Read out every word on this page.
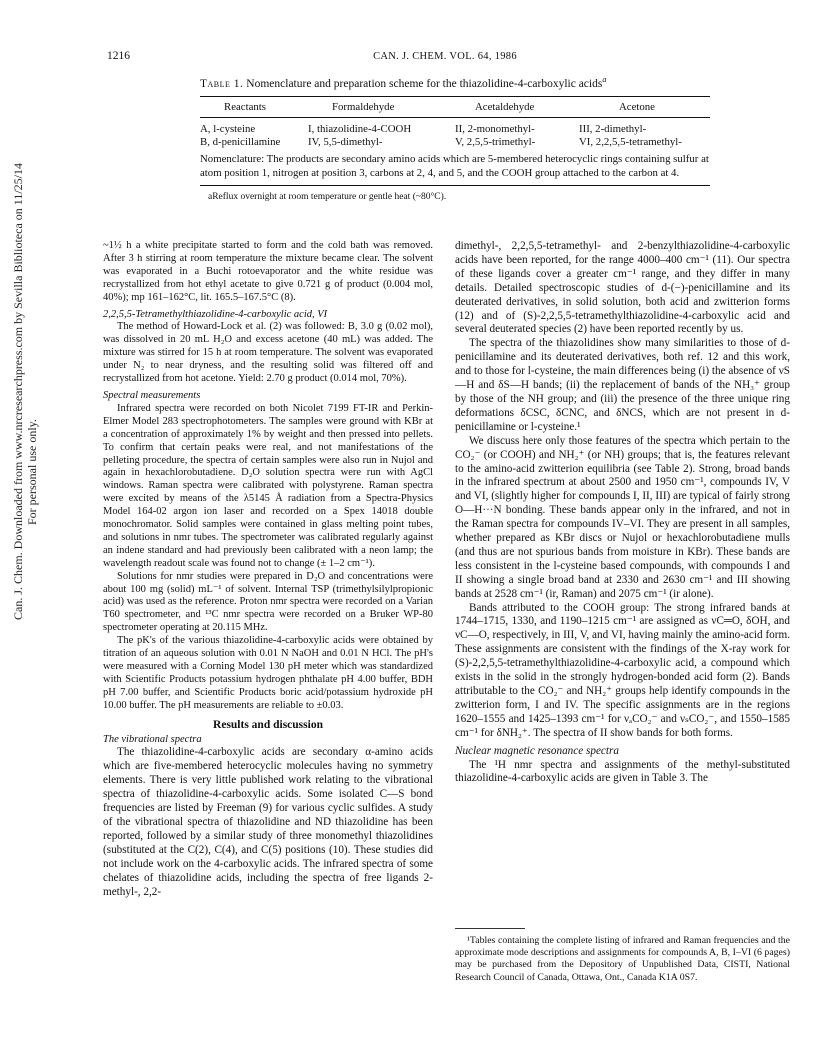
Can. J. Chem. Downloaded from www.nrcresearchpress.com by Sevilla Biblioteca on 11/25/14 For personal use only.
1216	CAN. J. CHEM. VOL. 64, 1986
Table 1. Nomenclature and preparation scheme for the thiazolidine-4-carboxylic acids$^a$
Reactants	Formaldehyde	Acetaldehyde	Acetone
A, l-cysteine	I, thiazolidine-4-COOH	II, 2-monomethyl-	III, 2-dimethyl-
B, d-penicillamine	IV, 5,5-dimethyl-	V, 2,5,5-trimethyl-	VI, 2,2,5,5-tetramethyl-
Nomenclature: The products are secondary amino acids which are 5-membered heterocyclic rings containing sulfur at atom position 1, nitrogen at position 3, carbons at 2, 4, and 5, and the COOH group attached to the carbon at 4.
aReflux overnight at room temperature or gentle heat (~80°C).

~1½ h a white precipitate started to form and the cold bath was removed. After 3 h stirring at room temperature the mixture became clear. The solvent was evaporated in a Buchi rotoevaporator and the white residue was recrystallized from hot ethyl acetate to give 0.721 g of product (0.004 mol, 40%); mp 161–162°C, lit. 165.5–167.5°C (8).

2,2,5,5-Tetramethylthiazolidine-4-carboxylic acid, VI

The method of Howard-Lock et al. (2) was followed: B, 3.0 g (0.02 mol), was dissolved in 20 mL H₂O and excess acetone (40 mL) was added. The mixture was stirred for 15 h at room temperature. The solvent was evaporated under N₂ to near dryness, and the resulting solid was filtered off and recrystallized from hot acetone. Yield: 2.70 g product (0.014 mol, 70%).

Spectral measurements

Infrared spectra were recorded on both Nicolet 7199 FT-IR and Perkin-Elmer Model 283 spectrophotometers. The samples were ground with KBr at a concentration of approximately 1% by weight and then pressed into pellets. To confirm that certain peaks were real, and not manifestations of the pelleting procedure, the spectra of certain samples were also run in Nujol and again in hexachlorobutadiene. D₂O solution spectra were run with AgCl windows. Raman spectra were calibrated with polystyrene. Raman spectra were excited by means of the λ5145 Å radiation from a Spectra-Physics Model 164-02 argon ion laser and recorded on a Spex 14018 double monochromator. Solid samples were contained in glass melting point tubes, and solutions in nmr tubes. The spectrometer was calibrated regularly against an indene standard and had previously been calibrated with a neon lamp; the wavelength readout scale was found not to change (± 1–2 cm⁻¹).

Solutions for nmr studies were prepared in D₂O and concentrations were about 100 mg (solid) mL⁻¹ of solvent. Internal TSP (trimethylsilylpropionic acid) was used as the reference. Proton nmr spectra were recorded on a Varian T60 spectrometer, and ¹³C nmr spectra were recorded on a Bruker WP-80 spectrometer operating at 20.115 MHz.

The pK's of the various thiazolidine-4-carboxylic acids were obtained by titration of an aqueous solution with 0.01 N NaOH and 0.01 N HCl. The pH's were measured with a Corning Model 130 pH meter which was standardized with Scientific Products potassium hydrogen phthalate pH 4.00 buffer, BDH pH 7.00 buffer, and Scientific Products boric acid/potassium hydroxide pH 10.00 buffer. The pH measurements are reliable to ±0.03.

Results and discussion

The vibrational spectra

The thiazolidine-4-carboxylic acids are secondary α-amino acids which are five-membered heterocyclic molecules having no symmetry elements. There is very little published work relating to the vibrational spectra of thiazolidine-4-carboxylic acids. Some isolated C—S bond frequencies are listed by Freeman (9) for various cyclic sulfides. A study of the vibrational spectra of thiazolidine and ND thiazolidine has been reported, followed by a similar study of three monomethyl thiazolidines (substituted at the C(2), C(4), and C(5) positions (10). These studies did not include work on the 4-carboxylic acids. The infrared spectra of some chelates of thiazolidine acids, including the spectra of free ligands 2-methyl-, 2,2-

dimethyl-, 2,2,5,5-tetramethyl- and 2-benzylthiazolidine-4-carboxylic acids have been reported, for the range 4000–400 cm⁻¹ (11). Our spectra of these ligands cover a greater cm⁻¹ range, and they differ in many details. Detailed spectroscopic studies of d-(−)-penicillamine and its deuterated derivatives, in solid solution, both acid and zwitterion forms (12) and of (S)-2,2,5,5-tetramethylthiazolidine-4-carboxylic acid and several deuterated species (2) have been reported recently by us.

The spectra of the thiazolidines show many similarities to those of d-penicillamine and its deuterated derivatives, both ref. 12 and this work, and to those for l-cysteine, the main differences being (i) the absence of νS—H and δS—H bands; (ii) the replacement of bands of the NH₃⁺ group by those of the NH group; and (iii) the presence of the three unique ring deformations δCSC, δCNC, and δNCS, which are not present in d-penicillamine or l-cysteine.¹

We discuss here only those features of the spectra which pertain to the CO₂⁻ (or COOH) and NH₂⁺ (or NH) groups; that is, the features relevant to the amino-acid zwitterion equilibria (see Table 2). Strong, broad bands in the infrared spectrum at about 2500 and 1950 cm⁻¹, compounds IV, V and VI, (slightly higher for compounds I, II, III) are typical of fairly strong O—H···N bonding. These bands appear only in the infrared, and not in the Raman spectra for compounds IV–VI. They are present in all samples, whether prepared as KBr discs or Nujol or hexachlorobutadiene mulls (and thus are not spurious bands from moisture in KBr). These bands are less consistent in the l-cysteine based compounds, with compounds I and II showing a single broad band at 2330 and 2630 cm⁻¹ and III showing bands at 2528 cm⁻¹ (ir, Raman) and 2075 cm⁻¹ (ir alone).

Bands attributed to the COOH group: The strong infrared bands at 1744–1715, 1330, and 1190–1215 cm⁻¹ are assigned as νC═O, δOH, and νC—O, respectively, in III, V, and VI, having mainly the amino-acid form. These assignments are consistent with the findings of the X-ray work for (S)-2,2,5,5-tetramethylthiazolidine-4-carboxylic acid, a compound which exists in the solid in the strongly hydrogen-bonded acid form (2). Bands attributable to the CO₂⁻ and NH₂⁺ groups help identify compounds in the zwitterion form, I and IV. The specific assignments are in the regions 1620–1555 and 1425–1393 cm⁻¹ for νₐCO₂⁻ and νₛCO₂⁻, and 1550–1585 cm⁻¹ for δNH₂⁺. The spectra of II show bands for both forms.

Nuclear magnetic resonance spectra

The ¹H nmr spectra and assignments of the methyl-substituted thiazolidine-4-carboxylic acids are given in Table 3. The

¹Tables containing the complete listing of infrared and Raman frequencies and the approximate mode descriptions and assignments for compounds A, B, I–VI (6 pages) may be purchased from the Depository of Unpublished Data, CISTI, National Research Council of Canada, Ottawa, Ont., Canada K1A 0S7.
